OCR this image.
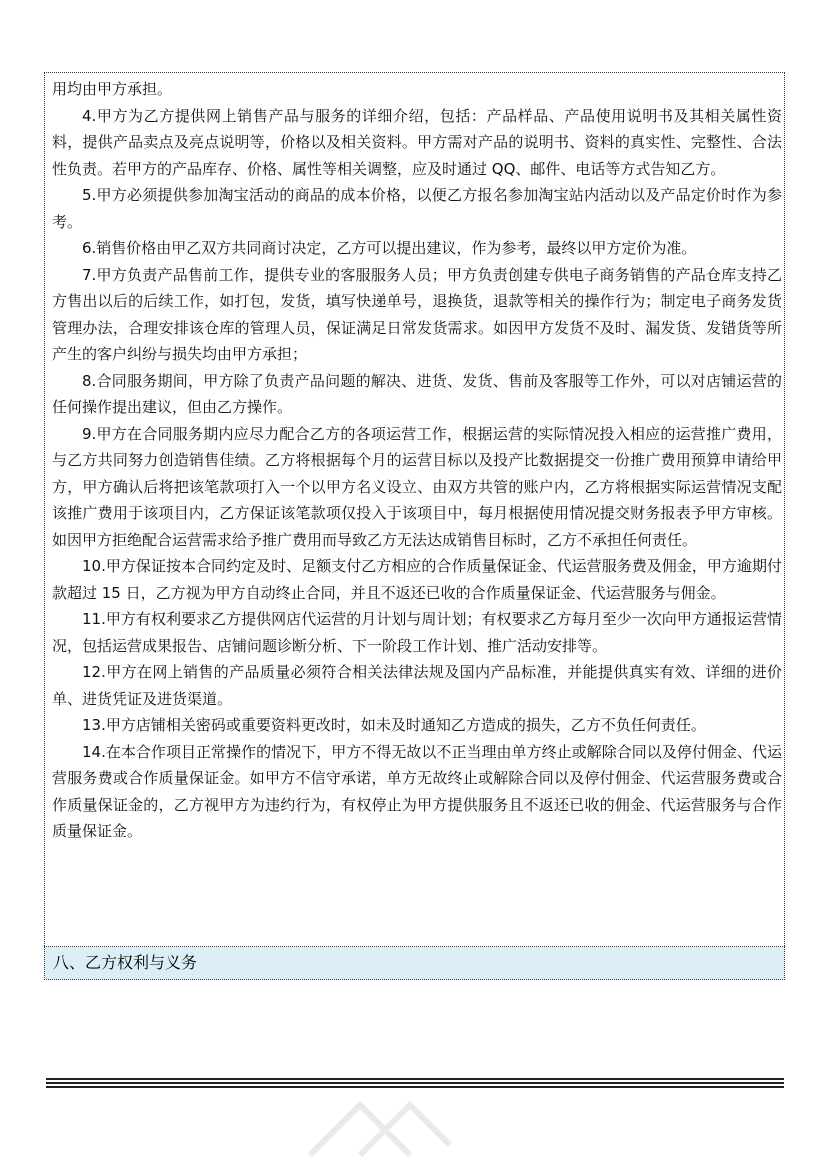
用均由甲方承担。

4.甲方为乙方提供网上销售产品与服务的详细介绍，包括：产品样品、产品使用说明书及其相关属性资料，提供产品卖点及亮点说明等，价格以及相关资料。甲方需对产品的说明书、资料的真实性、完整性、合法性负责。若甲方的产品库存、价格、属性等相关调整，应及时通过 QQ、邮件、电话等方式告知乙方。

5.甲方必须提供参加淘宝活动的商品的成本价格，以便乙方报名参加淘宝站内活动以及产品定价时作为参考。

6.销售价格由甲乙双方共同商讨决定，乙方可以提出建议，作为参考，最终以甲方定价为准。

7.甲方负责产品售前工作，提供专业的客服服务人员；甲方负责创建专供电子商务销售的产品仓库支持乙方售出以后的后续工作，如打包，发货，填写快递单号，退换货，退款等相关的操作行为；制定电子商务发货管理办法，合理安排该仓库的管理人员，保证满足日常发货需求。如因甲方发货不及时、漏发货、发错货等所产生的客户纠纷与损失均由甲方承担；

8.合同服务期间，甲方除了负责产品问题的解决、进货、发货、售前及客服等工作外，可以对店铺运营的任何操作提出建议，但由乙方操作。

9.甲方在合同服务期内应尽力配合乙方的各项运营工作，根据运营的实际情况投入相应的运营推广费用，与乙方共同努力创造销售佳绩。乙方将根据每个月的运营目标以及投产比数据提交一份推广费用预算申请给甲方，甲方确认后将把该笔款项打入一个以甲方名义设立、由双方共管的账户内，乙方将根据实际运营情况支配该推广费用于该项目内，乙方保证该笔款项仅投入于该项目中，每月根据使用情况提交财务报表予甲方审核。如因甲方拒绝配合运营需求给予推广费用而导致乙方无法达成销售目标时，乙方不承担任何责任。

10.甲方保证按本合同约定及时、足额支付乙方相应的合作质量保证金、代运营服务费及佣金，甲方逾期付款超过 15 日，乙方视为甲方自动终止合同，并且不返还已收的合作质量保证金、代运营服务与佣金。

11.甲方有权利要求乙方提供网店代运营的月计划与周计划；有权要求乙方每月至少一次向甲方通报运营情况，包括运营成果报告、店铺问题诊断分析、下一阶段工作计划、推广活动安排等。

12.甲方在网上销售的产品质量必须符合相关法律法规及国内产品标准，并能提供真实有效、详细的进价单、进货凭证及进货渠道。

13.甲方店铺相关密码或重要资料更改时，如未及时通知乙方造成的损失，乙方不负任何责任。

14.在本合作项目正常操作的情况下，甲方不得无故以不正当理由单方终止或解除合同以及停付佣金、代运营服务费或合作质量保证金。如甲方不信守承诺，单方无故终止或解除合同以及停付佣金、代运营服务费或合作质量保证金的，乙方视甲方为违约行为，有权停止为甲方提供服务且不返还已收的佣金、代运营服务与合作质量保证金。

八、乙方权利与义务
